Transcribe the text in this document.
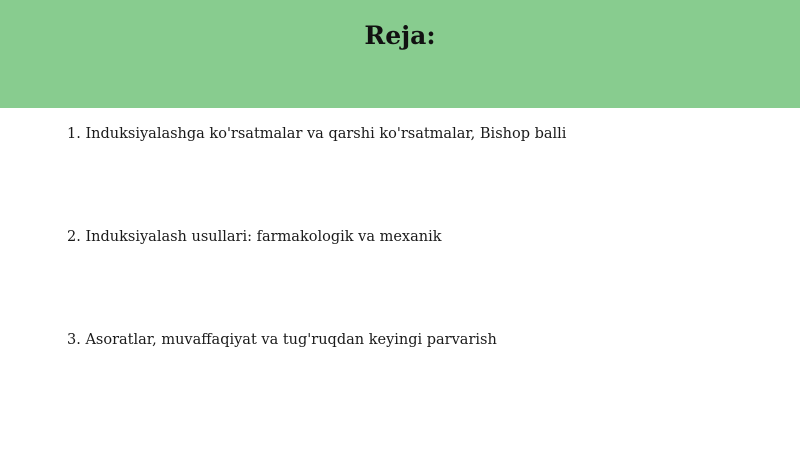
Reja:
1. Induksiyalashga ko'rsatmalar va qarshi ko'rsatmalar, Bishop balli
2. Induksiyalash usullari: farmakologik va mexanik
3. Asoratlar, muvaffaqiyat va tug'ruqdan keyingi parvarish
